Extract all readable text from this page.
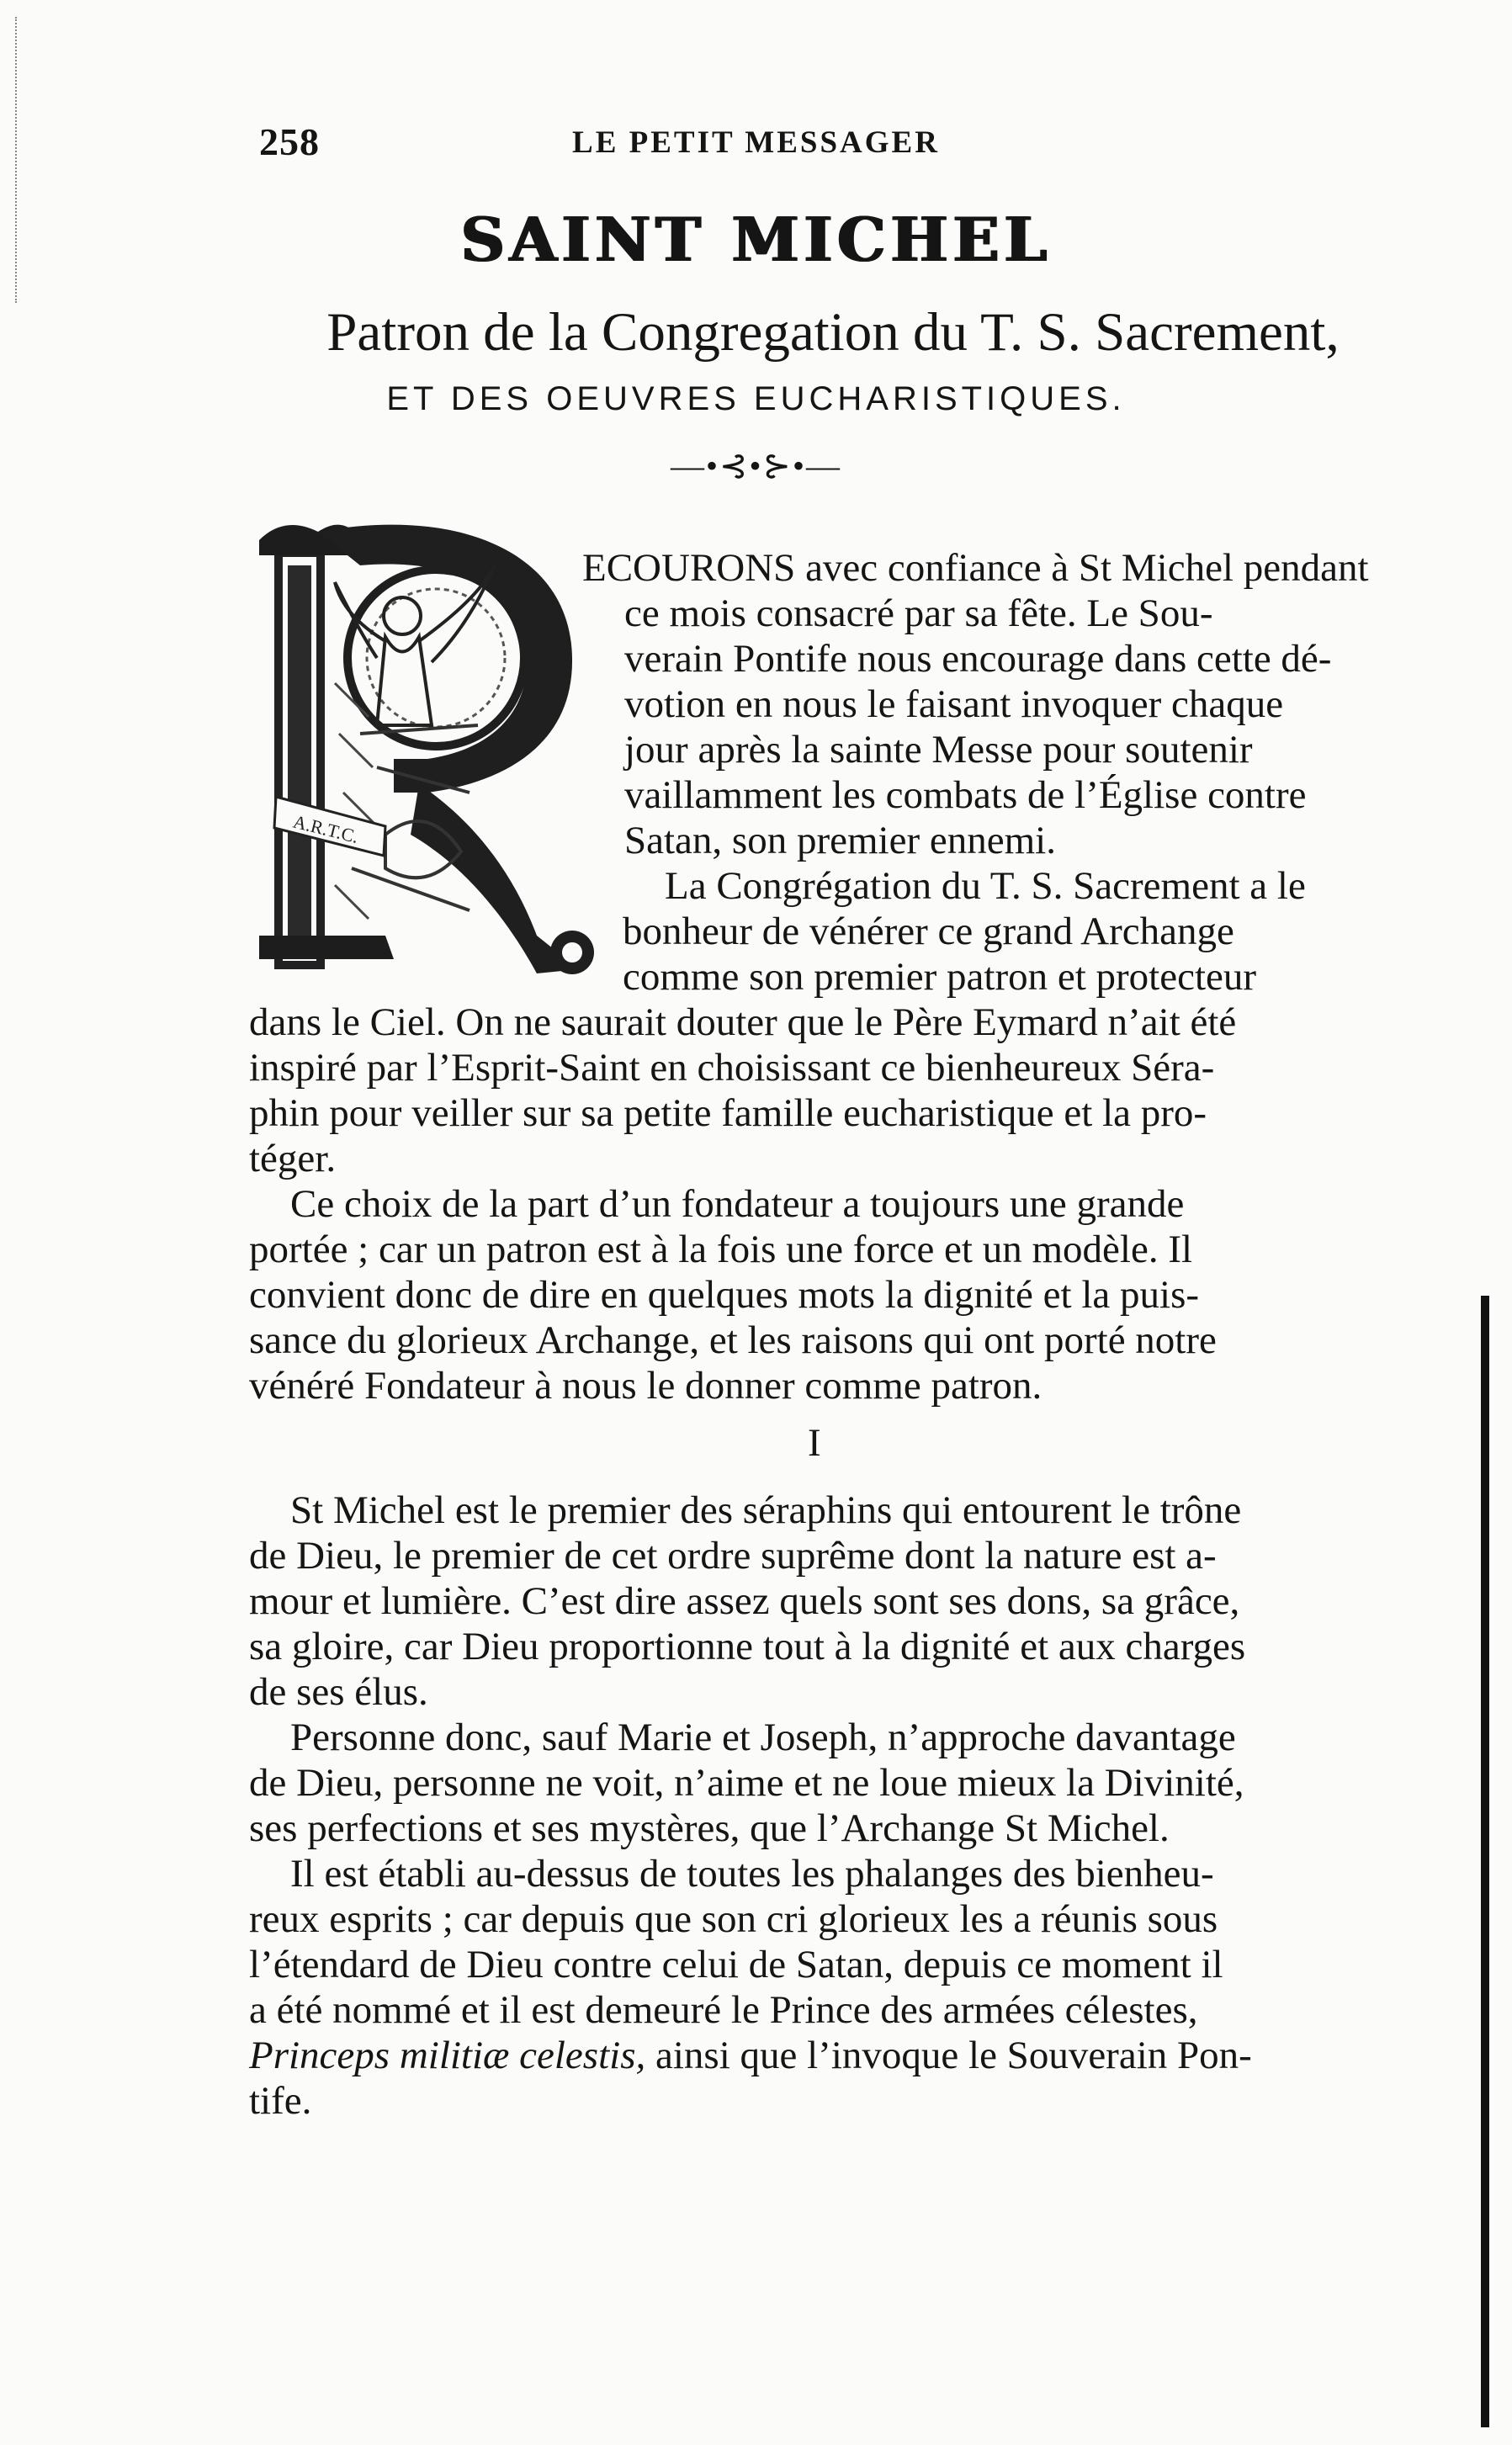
258	LE PETIT MESSAGER
SAINT MICHEL
Patron de la Congregation du T. S. Sacrement,
ET DES OEUVRES EUCHARISTIQUES.
—•⊰•⊱•—
A.R.T.C.
ECOURONS avec confiance à St Michel pendant
ce mois consacré par sa fête. Le Sou-
verain Pontife nous encourage dans cette dé-
votion en nous le faisant invoquer chaque
jour après la sainte Messe pour soutenir
vaillamment les combats de l’Église contre
Satan, son premier ennemi.
La Congrégation du T. S. Sacrement a le
bonheur de vénérer ce grand Archange
comme son premier patron et protecteur
dans le Ciel. On ne saurait douter que le Père Eymard n’ait été
inspiré par l’Esprit-Saint en choisissant ce bienheureux Séra-
phin pour veiller sur sa petite famille eucharistique et la pro-
téger.
Ce choix de la part d’un fondateur a toujours une grande
portée ; car un patron est à la fois une force et un modèle. Il
convient donc de dire en quelques mots la dignité et la puis-
sance du glorieux Archange, et les raisons qui ont porté notre
vénéré Fondateur à nous le donner comme patron.
I
St Michel est le premier des séraphins qui entourent le trône
de Dieu, le premier de cet ordre suprême dont la nature est a-
mour et lumière. C’est dire assez quels sont ses dons, sa grâce,
sa gloire, car Dieu proportionne tout à la dignité et aux charges
de ses élus.
Personne donc, sauf Marie et Joseph, n’approche davantage
de Dieu, personne ne voit, n’aime et ne loue mieux la Divinité,
ses perfections et ses mystères, que l’Archange St Michel.
Il est établi au-dessus de toutes les phalanges des bienheu-
reux esprits ; car depuis que son cri glorieux les a réunis sous
l’étendard de Dieu contre celui de Satan, depuis ce moment il
a été nommé et il est demeuré le Prince des armées célestes,
Princeps militiæ celestis, ainsi que l’invoque le Souverain Pon-
tife.
